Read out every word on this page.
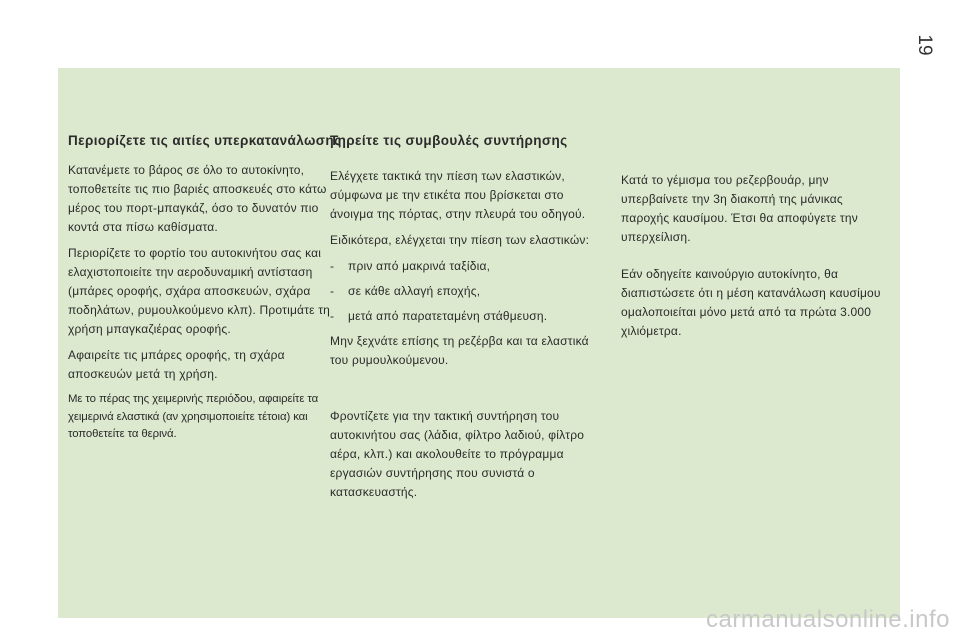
19
Περιορίζετε τις αιτίες υπερκατανάλωσης

Κατανέμετε το βάρος σε όλο το αυτοκίνητο, τοποθετείτε τις πιο βαριές αποσκευές στο κάτω μέρος του πορτ-μπαγκάζ, όσο το δυνατόν πιο κοντά στα πίσω καθίσματα.

Περιορίζετε το φορτίο του αυτοκινήτου σας και ελαχιστοποιείτε την αεροδυναμική αντίσταση (μπάρες οροφής, σχάρα αποσκευών, σχάρα ποδηλάτων, ρυμουλκούμενο κλπ). Προτιμάτε τη χρήση μπαγκαζιέρας οροφής.

Αφαιρείτε τις μπάρες οροφής, τη σχάρα αποσκευών μετά τη χρήση.

Με το πέρας της χειμερινής περιόδου, αφαιρείτε τα χειμερινά ελαστικά (αν χρησιμοποιείτε τέτοια) και τοποθετείτε τα θερινά.

Τηρείτε τις συμβουλές συντήρησης

Ελέγχετε τακτικά την πίεση των ελαστικών, σύμφωνα με την ετικέτα που βρίσκεται στο άνοιγμα της πόρτας, στην πλευρά του οδηγού.

Ειδικότερα, ελέγχεται την πίεση των ελαστικών:

-	πριν από μακρινά ταξίδια,
-	σε κάθε αλλαγή εποχής,
-	μετά από παρατεταμένη στάθμευση.

Μην ξεχνάτε επίσης τη ρεζέρβα και τα ελαστικά του ρυμουλκούμενου.

Φροντίζετε για την τακτική συντήρηση του αυτοκινήτου σας (λάδια, φίλτρο λαδιού, φίλτρο αέρα, κλπ.) και ακολουθείτε το πρόγραμμα εργασιών συντήρησης που συνιστά ο κατασκευαστής.

Κατά το γέμισμα του ρεζερβουάρ, μην υπερβαίνετε την 3η διακοπή της μάνικας παροχής καυσίμου. Έτσι θα αποφύγετε την υπερχείλιση.

Εάν οδηγείτε καινούργιο αυτοκίνητο, θα διαπιστώσετε ότι η μέση κατανάλωση καυσίμου ομαλοποιείται μόνο μετά από τα πρώτα 3.000 χιλιόμετρα.

carmanualsonline.info
